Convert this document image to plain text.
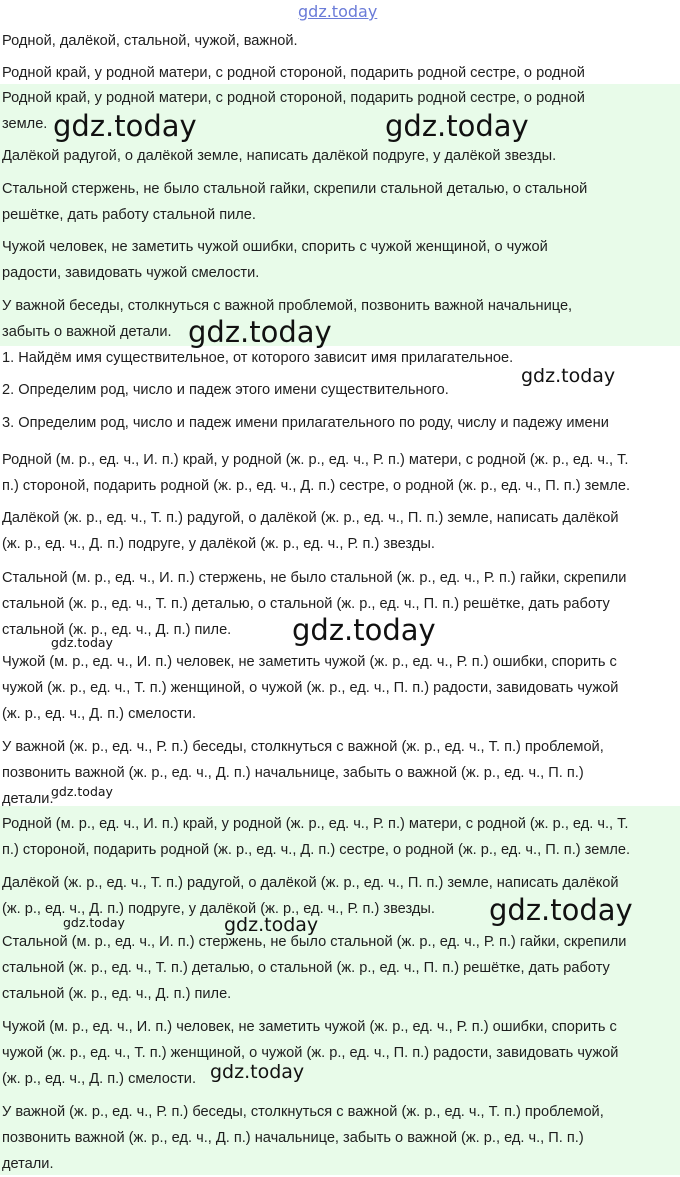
gdz.today

Родной, далёкой, стальной, чужой, важной.

Родной край, у родной матери, с родной стороной, подарить родной сестре, о родной

Родной край, у родной матери, с родной стороной, подарить родной сестре, о родной

земле.

Далёкой радугой, о далёкой земле, написать далёкой подруге, у далёкой звезды.

Стальной стержень, не было стальной гайки, скрепили стальной деталью, о стальной

решётке, дать работу стальной пиле.

Чужой человек, не заметить чужой ошибки, спорить с чужой женщиной, о чужой

радости, завидовать чужой смелости.

У важной беседы, столкнуться с важной проблемой, позвонить важной начальнице,

забыть о важной детали.

1. Найдём имя существительное, от которого зависит имя прилагательное.

2. Определим род, число и падеж этого имени существительного.

3. Определим род, число и падеж имени прилагательного по роду, числу и падежу имени

Родной (м. р., ед. ч., И. п.) край, у родной (ж. р., ед. ч., Р. п.) матери, с родной (ж. р., ед. ч., Т.

п.) стороной, подарить родной (ж. р., ед. ч., Д. п.) сестре, о родной (ж. р., ед. ч., П. п.) земле.

Далёкой (ж. р., ед. ч., Т. п.) радугой, о далёкой (ж. р., ед. ч., П. п.) земле, написать далёкой

(ж. р., ед. ч., Д. п.) подруге, у далёкой (ж. р., ед. ч., Р. п.) звезды.

Стальной (м. р., ед. ч., И. п.) стержень, не было стальной (ж. р., ед. ч., Р. п.) гайки, скрепили

стальной (ж. р., ед. ч., Т. п.) деталью, о стальной (ж. р., ед. ч., П. п.) решётке, дать работу

стальной (ж. р., ед. ч., Д. п.) пиле.

Чужой (м. р., ед. ч., И. п.) человек, не заметить чужой (ж. р., ед. ч., Р. п.) ошибки, спорить с

чужой (ж. р., ед. ч., Т. п.) женщиной, о чужой (ж. р., ед. ч., П. п.) радости, завидовать чужой

(ж. р., ед. ч., Д. п.) смелости.

У важной (ж. р., ед. ч., Р. п.) беседы, столкнуться с важной (ж. р., ед. ч., Т. п.) проблемой,

позвонить важной (ж. р., ед. ч., Д. п.) начальнице, забыть о важной (ж. р., ед. ч., П. п.)

детали.

Родной (м. р., ед. ч., И. п.) край, у родной (ж. р., ед. ч., Р. п.) матери, с родной (ж. р., ед. ч., Т.

п.) стороной, подарить родной (ж. р., ед. ч., Д. п.) сестре, о родной (ж. р., ед. ч., П. п.) земле.

Далёкой (ж. р., ед. ч., Т. п.) радугой, о далёкой (ж. р., ед. ч., П. п.) земле, написать далёкой

(ж. р., ед. ч., Д. п.) подруге, у далёкой (ж. р., ед. ч., Р. п.) звезды.

Стальной (м. р., ед. ч., И. п.) стержень, не было стальной (ж. р., ед. ч., Р. п.) гайки, скрепили

стальной (ж. р., ед. ч., Т. п.) деталью, о стальной (ж. р., ед. ч., П. п.) решётке, дать работу

стальной (ж. р., ед. ч., Д. п.) пиле.

Чужой (м. р., ед. ч., И. п.) человек, не заметить чужой (ж. р., ед. ч., Р. п.) ошибки, спорить с

чужой (ж. р., ед. ч., Т. п.) женщиной, о чужой (ж. р., ед. ч., П. п.) радости, завидовать чужой

(ж. р., ед. ч., Д. п.) смелости.

У важной (ж. р., ед. ч., Р. п.) беседы, столкнуться с важной (ж. р., ед. ч., Т. п.) проблемой,

позвонить важной (ж. р., ед. ч., Д. п.) начальнице, забыть о важной (ж. р., ед. ч., П. п.)

детали.

gdz.today	gdz.today
gdz.today
gdz.today
gdz.today
gdz.today
gdz.today
gdz.today
gdz.today	gdz.today
gdz.today
